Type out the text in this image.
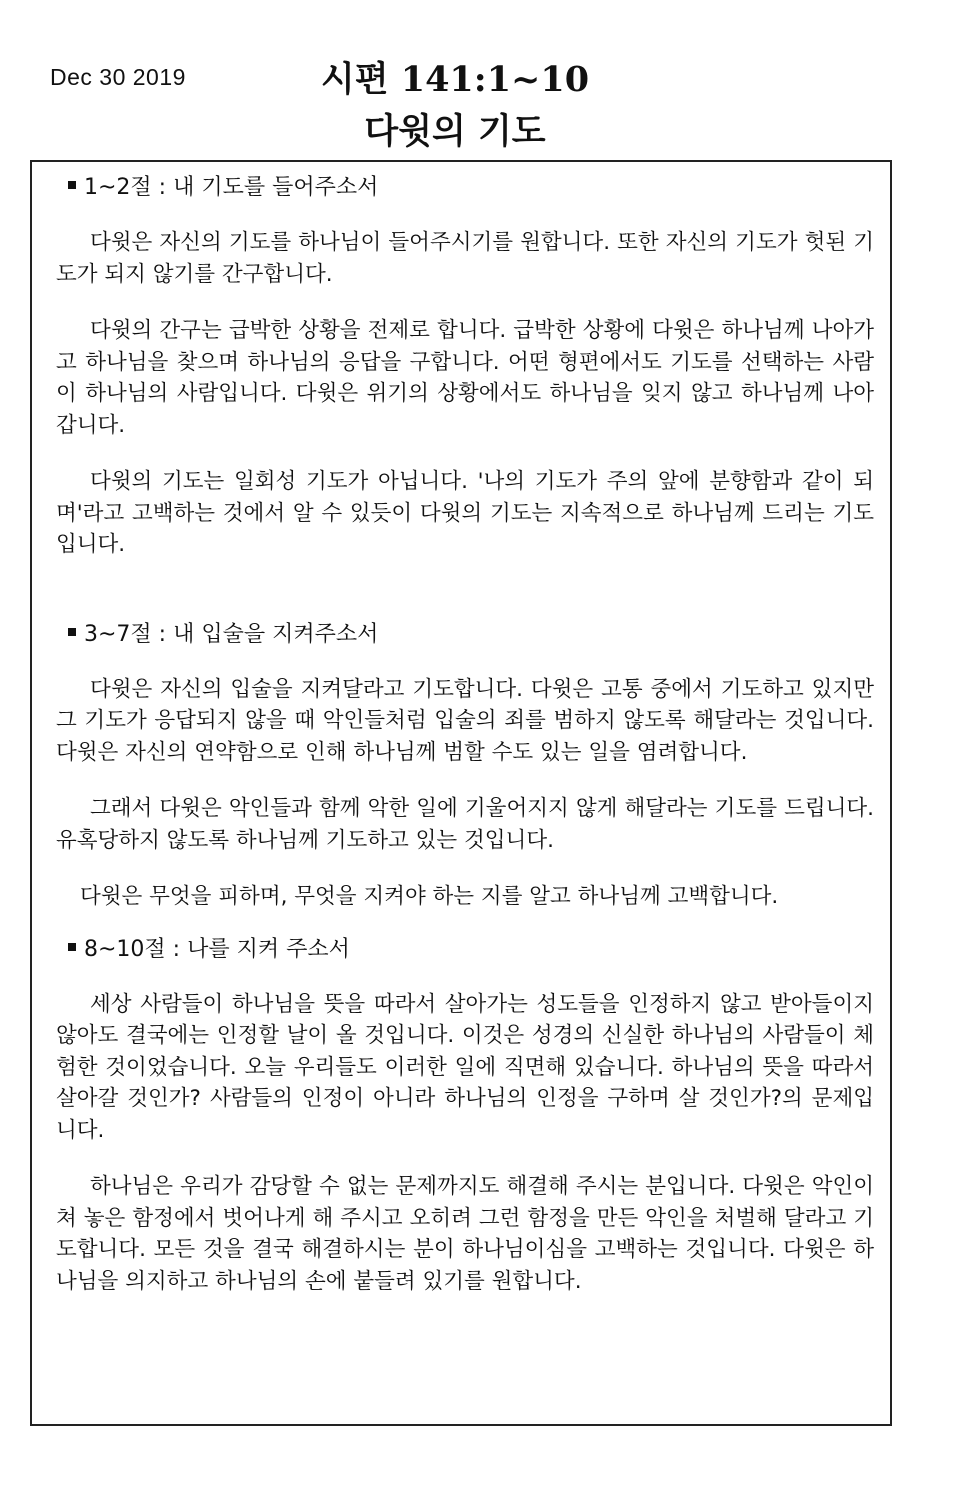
Dec 30 2019	시편 141:1~10
다윗의 기도
1~2절 : 내 기도를 들어주소서

다윗은 자신의 기도를 하나님이 들어주시기를 원합니다. 또한 자신의 기도가 헛된 기도가 되지 않기를 간구합니다.

다윗의 간구는 급박한 상황을 전제로 합니다. 급박한 상황에 다윗은 하나님께 나아가고 하나님을 찾으며 하나님의 응답을 구합니다. 어떤 형편에서도 기도를 선택하는 사람이 하나님의 사람입니다. 다윗은 위기의 상황에서도 하나님을 잊지 않고 하나님께 나아갑니다.

다윗의 기도는 일회성 기도가 아닙니다. '나의 기도가 주의 앞에 분향함과 같이 되며'라고 고백하는 것에서 알 수 있듯이 다윗의 기도는 지속적으로 하나님께 드리는 기도입니다.

3~7절 : 내 입술을 지켜주소서

다윗은 자신의 입술을 지켜달라고 기도합니다. 다윗은 고통 중에서 기도하고 있지만 그 기도가 응답되지 않을 때 악인들처럼 입술의 죄를 범하지 않도록 해달라는 것입니다. 다윗은 자신의 연약함으로 인해 하나님께 범할 수도 있는 일을 염려합니다.

그래서 다윗은 악인들과 함께 악한 일에 기울어지지 않게 해달라는 기도를 드립니다. 유혹당하지 않도록 하나님께 기도하고 있는 것입니다.

다윗은 무엇을 피하며, 무엇을 지켜야 하는 지를 알고 하나님께 고백합니다.

8~10절 : 나를 지켜 주소서

세상 사람들이 하나님을 뜻을 따라서 살아가는 성도들을 인정하지 않고 받아들이지 않아도 결국에는 인정할 날이 올 것입니다. 이것은 성경의 신실한 하나님의 사람들이 체험한 것이었습니다. 오늘 우리들도 이러한 일에 직면해 있습니다. 하나님의 뜻을 따라서 살아갈 것인가? 사람들의 인정이 아니라 하나님의 인정을 구하며 살 것인가?의 문제입니다.

하나님은 우리가 감당할 수 없는 문제까지도 해결해 주시는 분입니다. 다윗은 악인이 쳐 놓은 함정에서 벗어나게 해 주시고 오히려 그런 함정을 만든 악인을 처벌해 달라고 기도합니다. 모든 것을 결국 해결하시는 분이 하나님이심을 고백하는 것입니다. 다윗은 하나님을 의지하고 하나님의 손에 붙들려 있기를 원합니다.
